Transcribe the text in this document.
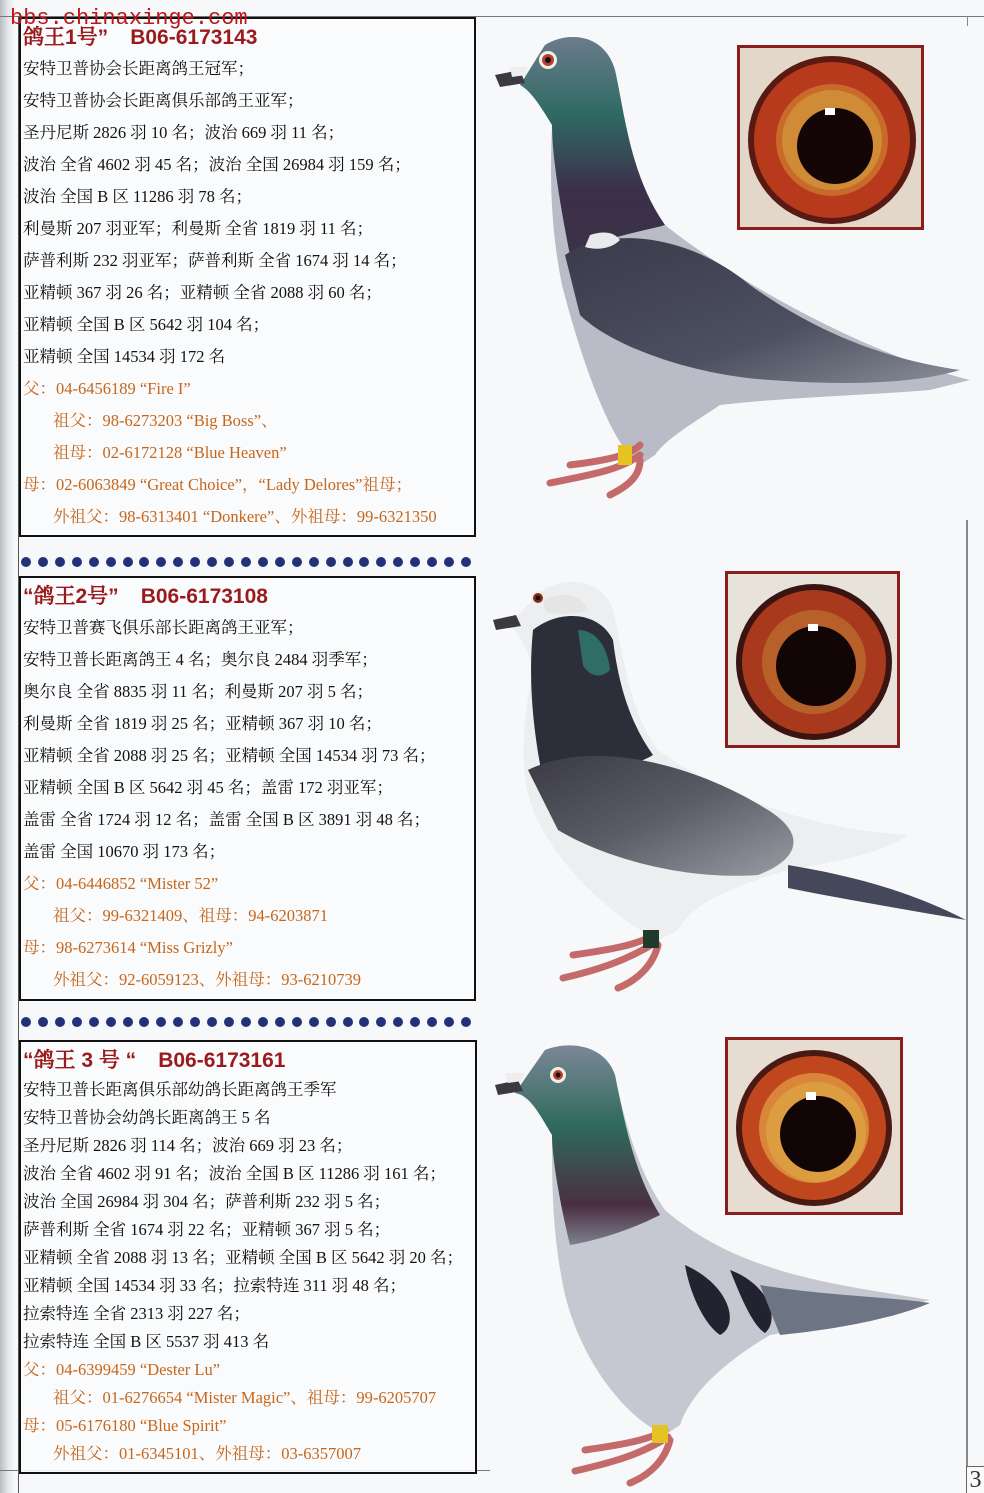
bbs.chinaxinge.com
鸽王1号” B06-6173143
安特卫普协会长距离鸽王冠军；
安特卫普协会长距离俱乐部鸽王亚军；
圣丹尼斯 2826 羽 10 名；波治 669 羽 11 名；
波治 全省 4602 羽 45 名；波治 全国 26984 羽 159 名；
波治 全国 B 区 11286 羽 78 名；
利曼斯 207 羽亚军；利曼斯 全省 1819 羽 11 名；
萨普利斯 232 羽亚军；萨普利斯 全省 1674 羽 14 名；
亚精顿 367 羽 26 名；亚精顿 全省 2088 羽 60 名；
亚精顿 全国 B 区 5642 羽 104 名；
亚精顿 全国 14534 羽 172 名
父：04-6456189 “Fire I”
祖父：98-6273203 “Big Boss”、
祖母：02-6172128 “Blue Heaven”
母：02-6063849 “Great Choice”，“Lady Delores”祖母；
外祖父：98-6313401 “Donkere”、外祖母：99-6321350
“鸽王2号” B06-6173108
安特卫普赛飞俱乐部长距离鸽王亚军；
安特卫普长距离鸽王 4 名；奥尔良 2484 羽季军；
奥尔良 全省 8835 羽 11 名；利曼斯 207 羽 5 名；
利曼斯 全省 1819 羽 25 名；亚精顿 367 羽 10 名；
亚精顿 全省 2088 羽 25 名；亚精顿 全国 14534 羽 73 名；
亚精顿 全国 B 区 5642 羽 45 名；盖雷 172 羽亚军；
盖雷 全省 1724 羽 12 名；盖雷 全国 B 区 3891 羽 48 名；
盖雷 全国 10670 羽 173 名；
父：04-6446852 “Mister 52”
祖父：99-6321409、祖母：94-6203871
母：98-6273614 “Miss Grizly”
外祖父：92-6059123、外祖母：93-6210739
“鸽王 3 号 “ B06-6173161
安特卫普长距离俱乐部幼鸽长距离鸽王季军
安特卫普协会幼鸽长距离鸽王 5 名
圣丹尼斯 2826 羽 114 名；波治 669 羽 23 名；
波治 全省 4602 羽 91 名；波治 全国 B 区 11286 羽 161 名；
波治 全国 26984 羽 304 名；萨普利斯 232 羽 5 名；
萨普利斯 全省 1674 羽 22 名；亚精顿 367 羽 5 名；
亚精顿 全省 2088 羽 13 名；亚精顿 全国 B 区 5642 羽 20 名；
亚精顿 全国 14534 羽 33 名；拉索特连 311 羽 48 名；
拉索特连 全省 2313 羽 227 名；
拉索特连 全国 B 区 5537 羽 413 名
父：04-6399459 “Dester Lu”
祖父：01-6276654 “Mister Magic”、祖母：99-6205707
母：05-6176180 “Blue Spirit”
外祖父：01-6345101、外祖母：03-6357007
3
